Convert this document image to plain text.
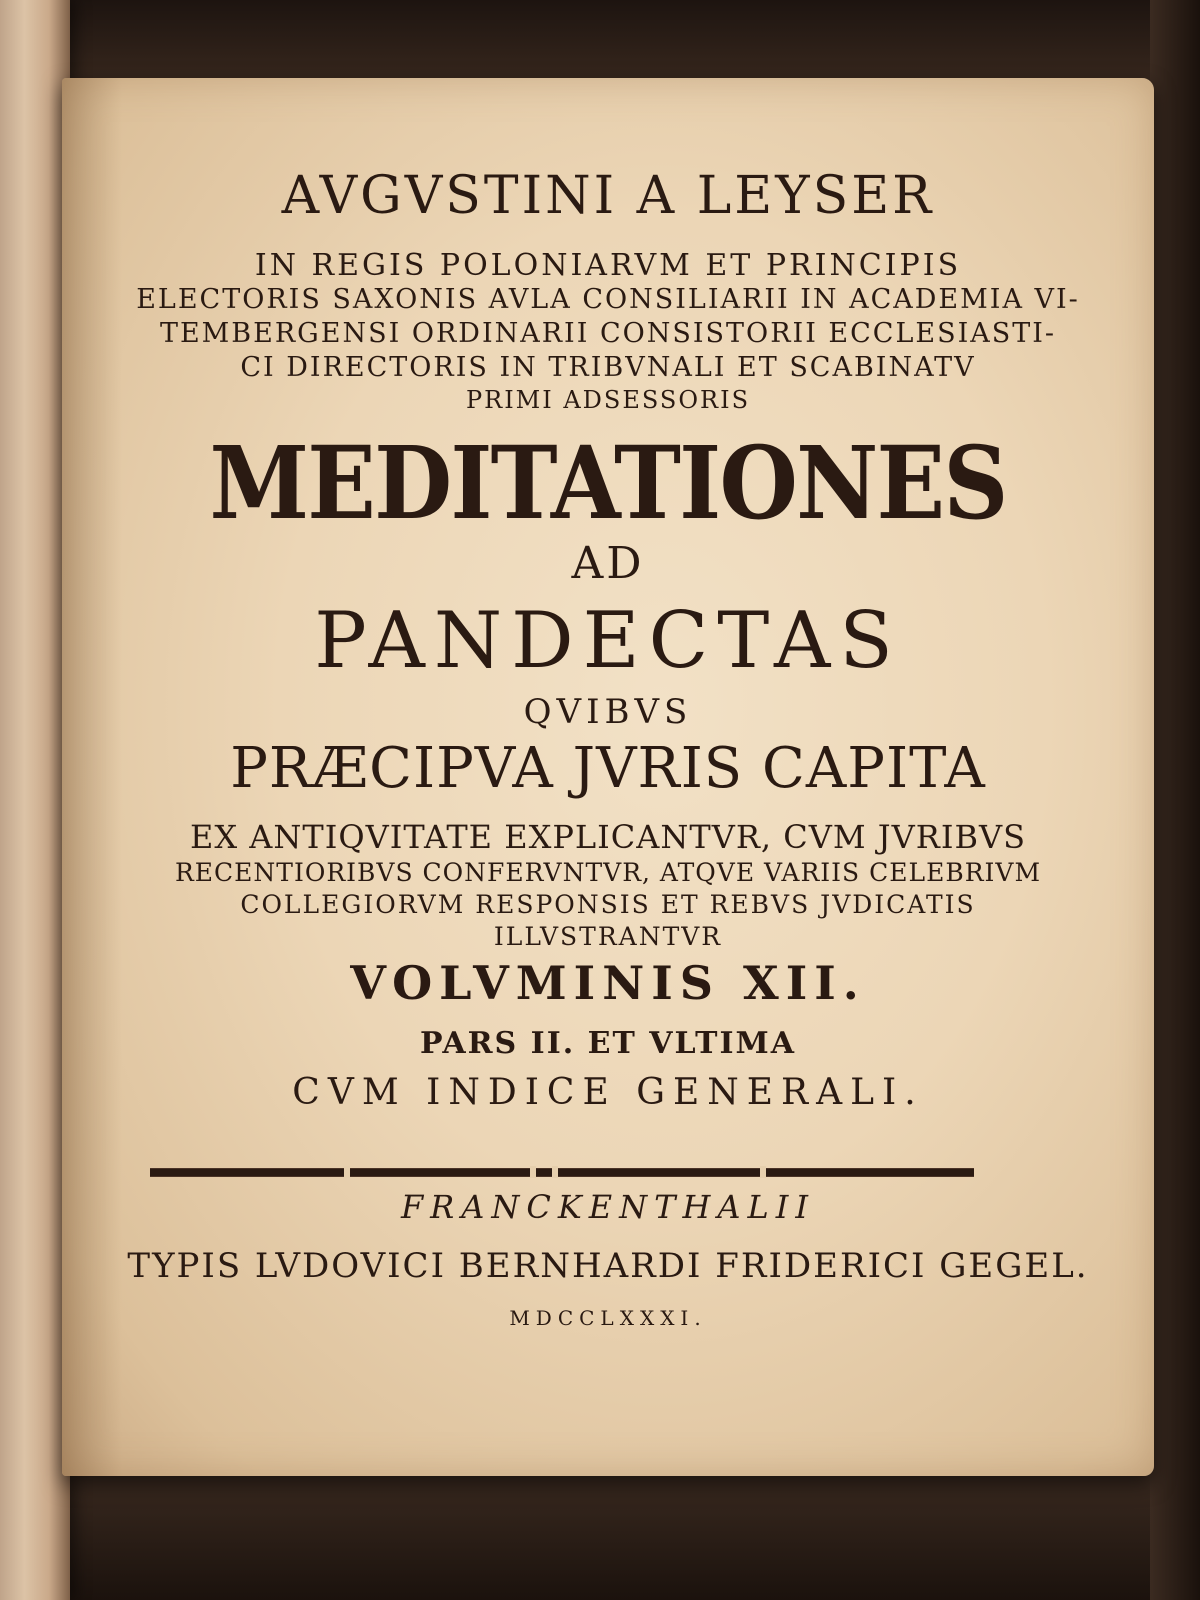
AVGVSTINI A LEYSER
IN REGIS POLONIARVM ET PRINCIPIS
ELECTORIS SAXONIS AVLA CONSILIARII IN ACADEMIA VI-
TEMBERGENSI ORDINARII CONSISTORII ECCLESIASTI-
CI DIRECTORIS IN TRIBVNALI ET SCABINATV
PRIMI ADSESSORIS
MEDITATIONES
AD
PANDECTAS
QVIBVS
PRÆCIPVA JVRIS CAPITA
EX ANTIQVITATE EXPLICANTVR, CVM JVRIBVS
RECENTIORIBVS CONFERVNTVR, ATQVE VARIIS CELEBRIVM
COLLEGIORVM RESPONSIS ET REBVS JVDICATIS
ILLVSTRANTVR
VOLVMINIS XII.
PARS II. ET VLTIMA
CVM INDICE GENERALI.
FRANCKENTHALII
TYPIS LVDOVICI BERNHARDI FRIDERICI GEGEL.
MDCCLXXXI.
